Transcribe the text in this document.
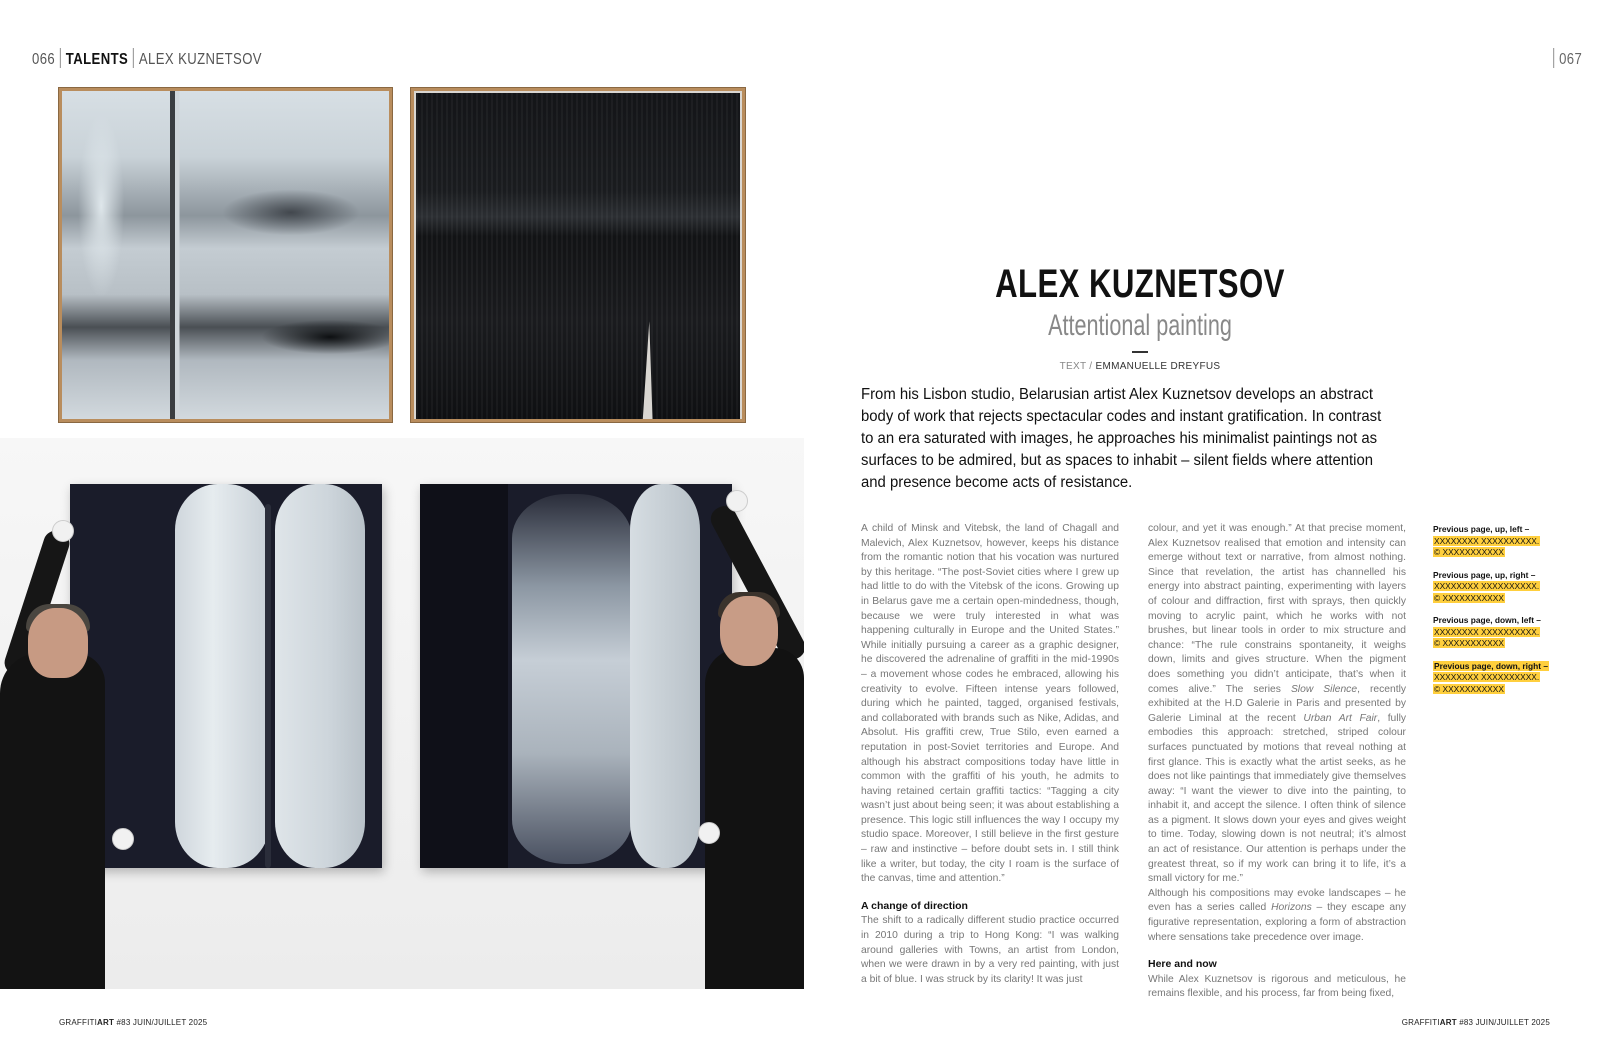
066 TALENTS ALEX KUZNETSOV	067
ALEX KUZNETSOV
Attentional painting
TEXT / EMMANUELLE DREYFUS
From his Lisbon studio, Belarusian artist Alex Kuznetsov develops an abstract body of work that rejects spectacular codes and instant gratification. In contrast to an era saturated with images, he approaches his minimalist paintings not as surfaces to be admired, but as spaces to inhabit – silent fields where attention and presence become acts of resistance.

A child of Minsk and Vitebsk, the land of Chagall and Malevich, Alex Kuznetsov, however, keeps his distance from the romantic notion that his vocation was nurtured by this heritage. “The post-Soviet cities where I grew up had little to do with the Vitebsk of the icons. Growing up in Belarus gave me a certain open-mindedness, though, because we were truly interested in what was happening culturally in Europe and the United States.” While initially pursuing a career as a graphic designer, he discovered the adrenaline of graffiti in the mid-1990s – a movement whose codes he embraced, allowing his creativity to evolve. Fifteen intense years followed, during which he painted, tagged, organised festivals, and collaborated with brands such as Nike, Adidas, and Absolut. His graffiti crew, True Stilo, even earned a reputation in post-Soviet territories and Europe. And although his abstract compositions today have little in common with the graffiti of his youth, he admits to having retained certain graffiti tactics: “Tagging a city wasn’t just about being seen; it was about establishing a presence. This logic still influences the way I occupy my studio space. Moreover, I still believe in the first gesture – raw and instinctive – before doubt sets in. I still think like a writer, but today, the city I roam is the surface of the canvas, time and attention.”

A change of direction

The shift to a radically different studio practice occurred in 2010 during a trip to Hong Kong: “I was walking around galleries with Towns, an artist from London, when we were drawn in by a very red painting, with just a bit of blue. I was struck by its clarity! It was just

colour, and yet it was enough.” At that precise moment, Alex Kuznetsov realised that emotion and intensity can emerge without text or narrative, from almost nothing. Since that revelation, the artist has channelled his energy into abstract painting, experimenting with layers of colour and diffraction, first with sprays, then quickly moving to acrylic paint, which he works with not brushes, but linear tools in order to mix structure and chance: “The rule constrains spontaneity, it weighs down, limits and gives structure. When the pigment does something you didn’t anticipate, that’s when it comes alive.” The series Slow Silence, recently exhibited at the H.D Galerie in Paris and presented by Galerie Liminal at the recent Urban Art Fair, fully embodies this approach: stretched, striped colour surfaces punctuated by motions that reveal nothing at first glance. This is exactly what the artist seeks, as he does not like paintings that immediately give themselves away: “I want the viewer to dive into the painting, to inhabit it, and accept the silence. I often think of silence as a pigment. It slows down your eyes and gives weight to time. Today, slowing down is not neutral; it’s almost an act of resistance. Our attention is perhaps under the greatest threat, so if my work can bring it to life, it’s a small victory for me.”

Although his compositions may evoke landscapes – he even has a series called Horizons – they escape any figurative representation, exploring a form of abstraction where sensations take precedence over image.

Here and now

While Alex Kuznetsov is rigorous and meticulous, he remains flexible, and his process, far from being fixed,

Previous page, up, left –
XXXXXXXX XXXXXXXXXX.
© XXXXXXXXXXX
Previous page, up, right –
XXXXXXXX XXXXXXXXXX.
© XXXXXXXXXXX
Previous page, down, left –
XXXXXXXX XXXXXXXXXX.
© XXXXXXXXXXX
Previous page, down, right – XXXXXXXX XXXXXXXXXX.
© XXXXXXXXXXX
GRAFFITIART #83 JUIN/JUILLET 2025	GRAFFITIART #83 JUIN/JUILLET 2025
